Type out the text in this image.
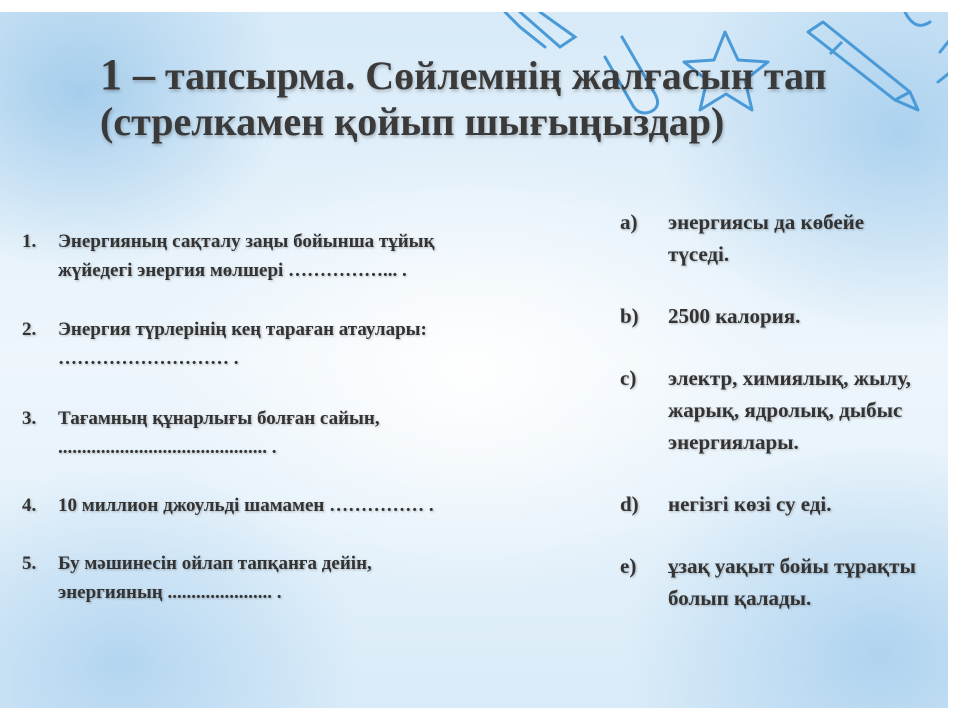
1 – тапсырма. Сөйлемнің жалғасын тап
(стрелкамен қойып шығыңыздар)
1. Энергияның сақталу заңы бойынша тұйық жүйедегі энергия мөлшері ……………... .
2. Энергия түрлерінің кең тараған атаулары: ……………………… .
3. Тағамның құнарлығы болған сайын, ............................................ .
4. 10 миллион джоульді шамамен …………… .
5. Бу мәшинесін ойлап тапқанға дейін, энергияның ...................... .
a) энергиясы да көбейе түседі.
b) 2500 калория.
c) электр, химиялық, жылу, жарық, ядролық, дыбыс энергиялары.
d) негізгі көзі су еді.
e) ұзақ уақыт бойы тұрақты болып қалады.
